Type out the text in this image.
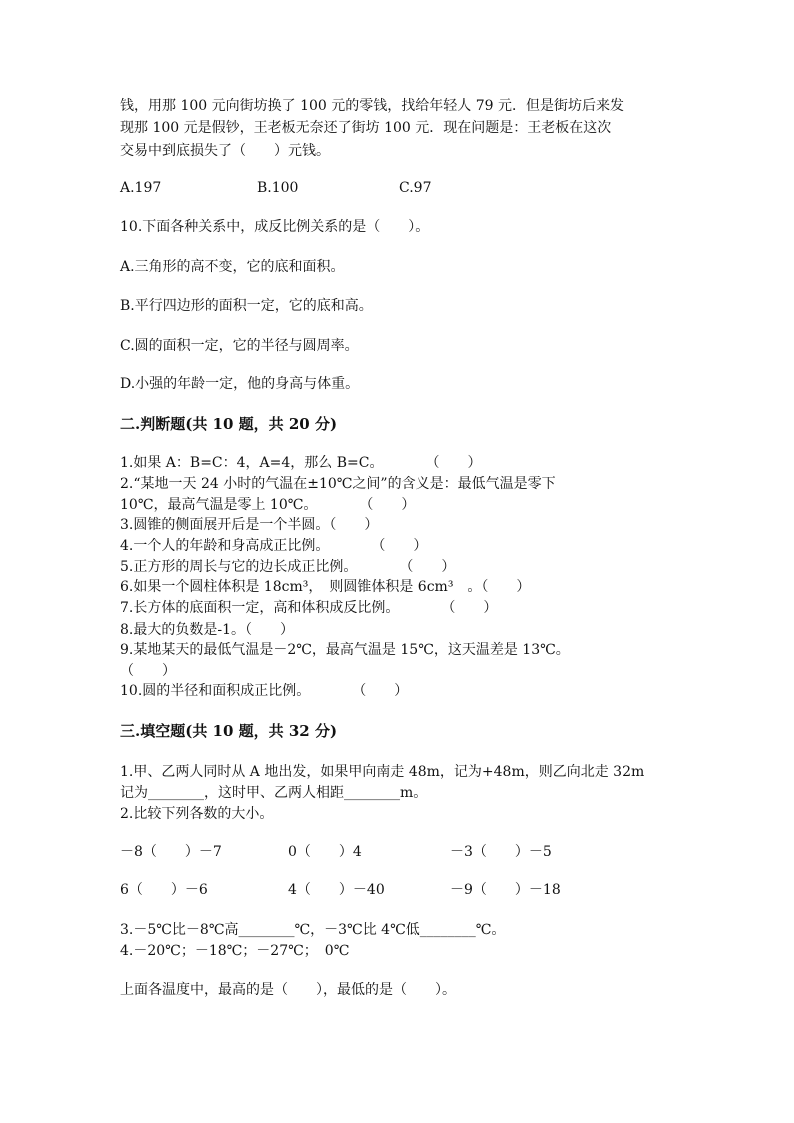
钱，用那 100 元向街坊换了 100 元的零钱，找给年轻人 79 元．但是街坊后来发
现那 100 元是假钞，王老板无奈还了街坊 100 元．现在问题是：王老板在这次
交易中到底损失了（　　）元钱。
A.197	B.100	C.97
10.下面各种关系中，成反比例关系的是（　　）。
A.三角形的高不变，它的底和面积。
B.平行四边形的面积一定，它的底和高。
C.圆的面积一定，它的半径与圆周率。
D.小强的年龄一定，他的身高与体重。
二.判断题(共 10 题，共 20 分)
1.如果 A：B=C：4，A=4，那么 B=C。　　　　（　　）
2.“某地一天 24 小时的气温在±10℃之间”的含义是：最低气温是零下
10℃，最高气温是零上 10℃。　　　　（　　）
3.圆锥的侧面展开后是一个半圆。（　　）
4.一个人的年龄和身高成正比例。　　　　（　　）
5.正方形的周长与它的边长成正比例。　　　　（　　）
6.如果一个圆柱体积是 18cm³，　则圆锥体积是 6cm³　。（　　）
7.长方体的底面积一定，高和体积成反比例。　　　　（　　）
8.最大的负数是-1。（　　）
9.某地某天的最低气温是－2℃，最高气温是 15℃，这天温差是 13℃。
（　　）
10.圆的半径和面积成正比例。　　　　（　　）
三.填空题(共 10 题，共 32 分)
1.甲、乙两人同时从 A 地出发，如果甲向南走 48m，记为+48m，则乙向北走 32m
记为________，这时甲、乙两人相距________m。
2.比较下列各数的大小。
－8（　　）－7	0（　　）4	－3（　　）－5
6（　　）－6	4（　　）－40	－9（　　）－18
3.－5℃比－8℃高________℃，－3℃比 4℃低________℃。
4.－20℃；－18℃；－27℃；　0℃
上面各温度中，最高的是（　　），最低的是（　　）。
